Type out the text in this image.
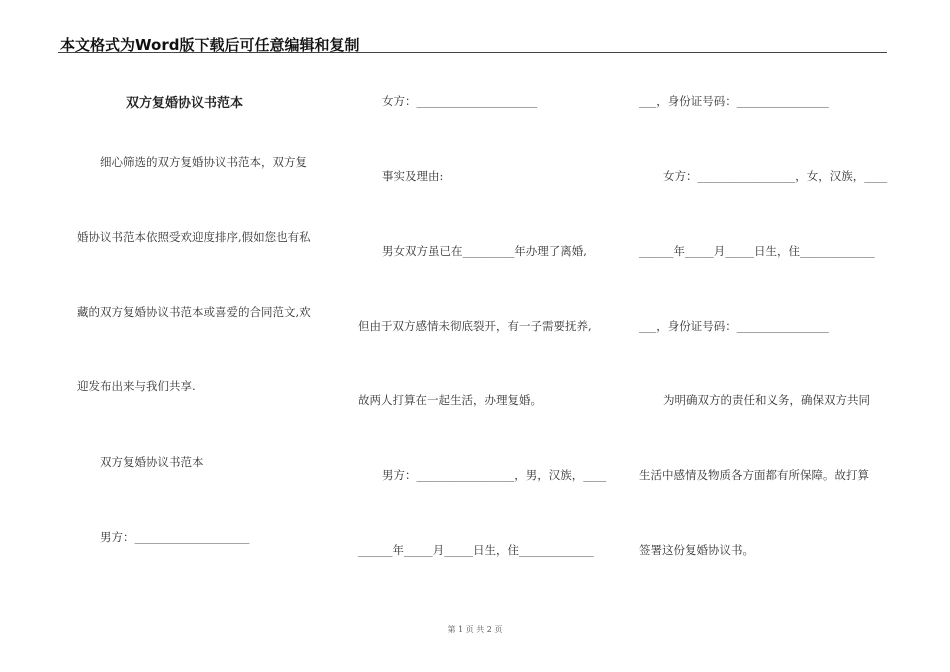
本文格式为Word版下载后可任意编辑和复制
双方复婚协议书范本
细心筛选的双方复婚协议书范本，双方复
婚协议书范本依照受欢迎度排序,假如您也有私
藏的双方复婚协议书范本或喜爱的合同范文,欢
迎发布出来与我们共享.
双方复婚协议书范本
男方：____________________
女方：_____________________
事实及理由:
男女双方虽已在_________年办理了离婚,
但由于双方感情未彻底裂开，有一子需要抚养,
故两人打算在一起生活，办理复婚。
男方：_________________，男，汉族，____
______年_____月_____日生，住_____________
___，身份证号码：________________
女方：_________________，女，汉族，____
______年_____月_____日生，住_____________
___，身份证号码：________________
为明确双方的责任和义务，确保双方共同
生活中感情及物质各方面都有所保障。故打算
签署这份复婚协议书。
第 1 页 共 2 页
